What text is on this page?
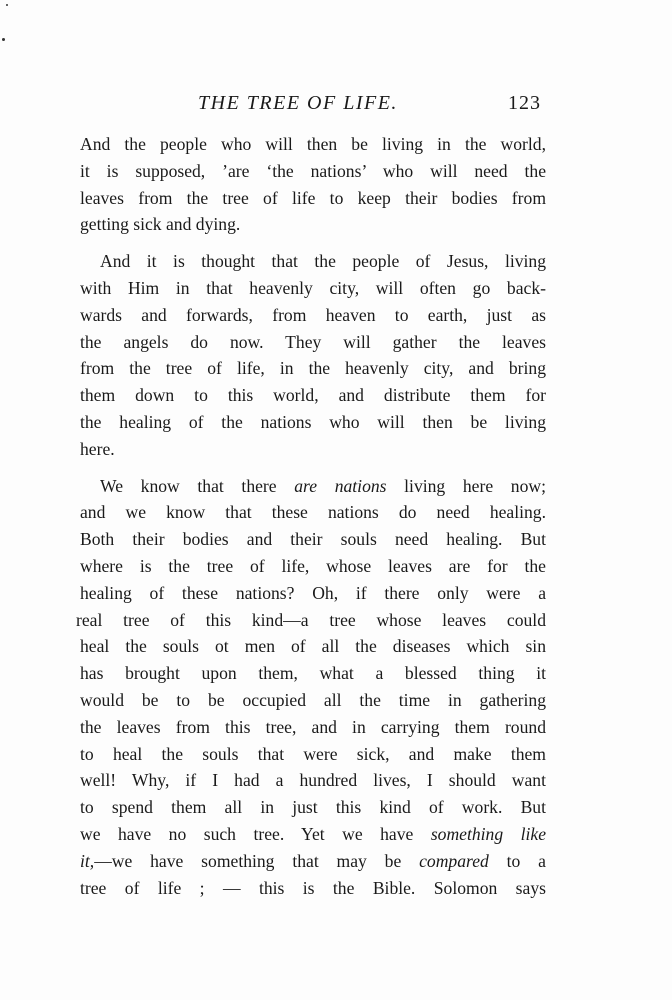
THE TREE OF LIFE.	123
And the people who will then be living in the world,
it is supposed, ’are ‘the nations’ who will need the
leaves from the tree of life to keep their bodies from
getting sick and dying.
And it is thought that the people of Jesus, living
with Him in that heavenly city, will often go back-
wards and forwards, from heaven to earth, just as
the angels do now. They will gather the leaves
from the tree of life, in the heavenly city, and bring
them down to this world, and distribute them for
the healing of the nations who will then be living
here.
We know that there are nations living here now;
and we know that these nations do need healing.
Both their bodies and their souls need healing. But
where is the tree of life, whose leaves are for the
healing of these nations? Oh, if there only were a
real tree of this kind—a tree whose leaves could
heal the souls ot men of all the diseases which sin
has brought upon them, what a blessed thing it
would be to be occupied all the time in gathering
the leaves from this tree, and in carrying them round
to heal the souls that were sick, and make them
well! Why, if I had a hundred lives, I should want
to spend them all in just this kind of work. But
we have no such tree. Yet we have something like
it,—we have something that may be compared to a
tree of life ; — this is the Bible. Solomon says
